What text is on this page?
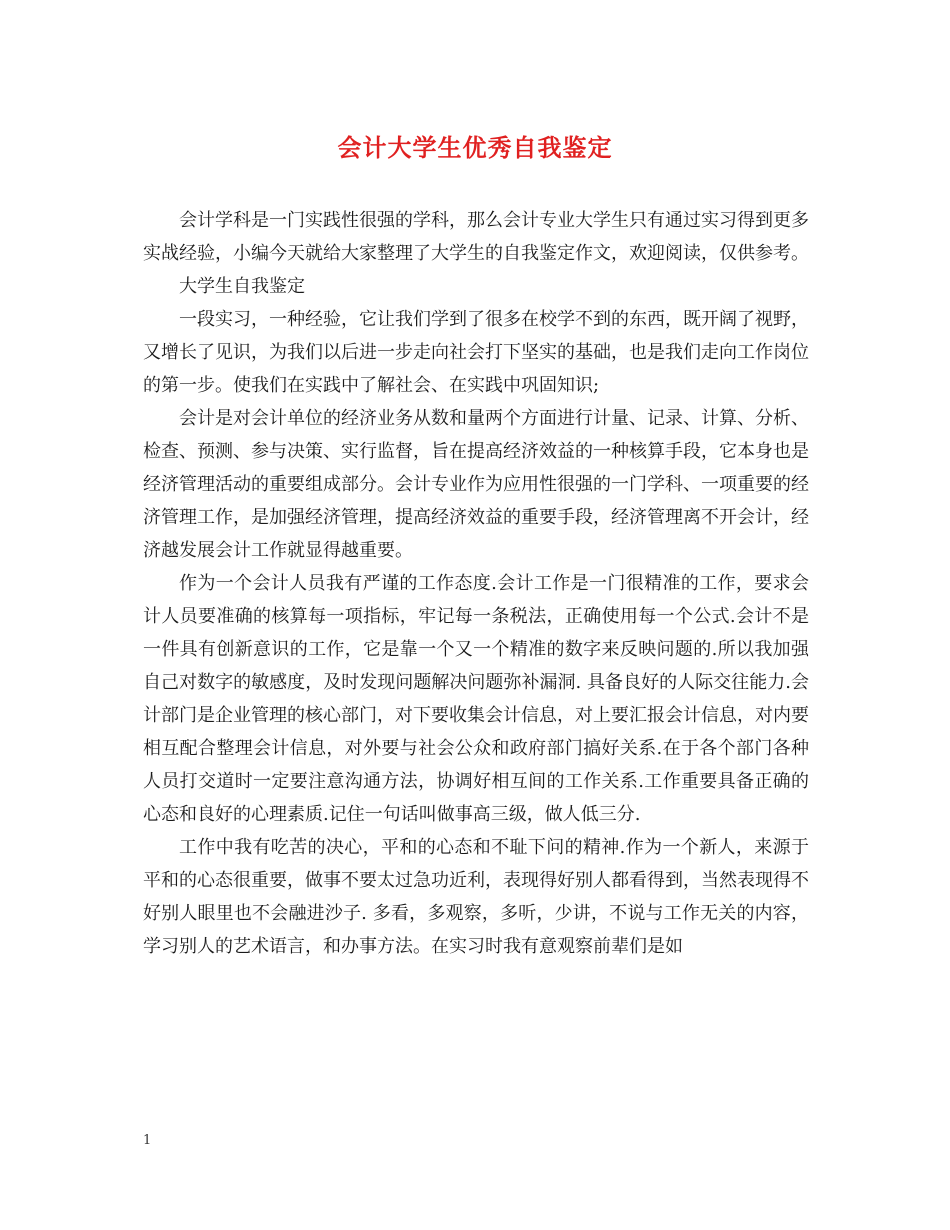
会计大学生优秀自我鉴定

会计学科是一门实践性很强的学科，那么会计专业大学生只有通过实习得到更多实战经验，小编今天就给大家整理了大学生的自我鉴定作文，欢迎阅读，仅供参考。

大学生自我鉴定

一段实习，一种经验，它让我们学到了很多在校学不到的东西，既开阔了视野，又增长了见识，为我们以后进一步走向社会打下坚实的基础，也是我们走向工作岗位的第一步。使我们在实践中了解社会、在实践中巩固知识;

会计是对会计单位的经济业务从数和量两个方面进行计量、记录、计算、分析、检查、预测、参与决策、实行监督，旨在提高经济效益的一种核算手段，它本身也是经济管理活动的重要组成部分。会计专业作为应用性很强的一门学科、一项重要的经济管理工作，是加强经济管理，提高经济效益的重要手段，经济管理离不开会计，经济越发展会计工作就显得越重要。

作为一个会计人员我有严谨的工作态度.会计工作是一门很精准的工作，要求会计人员要准确的核算每一项指标，牢记每一条税法，正确使用每一个公式.会计不是一件具有创新意识的工作，它是靠一个又一个精准的数字来反映问题的.所以我加强自己对数字的敏感度，及时发现问题解决问题弥补漏洞. 具备良好的人际交往能力.会计部门是企业管理的核心部门，对下要收集会计信息，对上要汇报会计信息，对内要相互配合整理会计信息，对外要与社会公众和政府部门搞好关系.在于各个部门各种人员打交道时一定要注意沟通方法，协调好相互间的工作关系.工作重要具备正确的心态和良好的心理素质.记住一句话叫做事高三级，做人低三分.

工作中我有吃苦的决心，平和的心态和不耻下问的精神.作为一个新人，来源于 平和的心态很重要，做事不要太过急功近利，表现得好别人都看得到，当然表现得不好别人眼里也不会融进沙子. 多看，多观察，多听，少讲，不说与工作无关的内容，学习别人的艺术语言，和办事方法。在实习时我有意观察前辈们是如

1
